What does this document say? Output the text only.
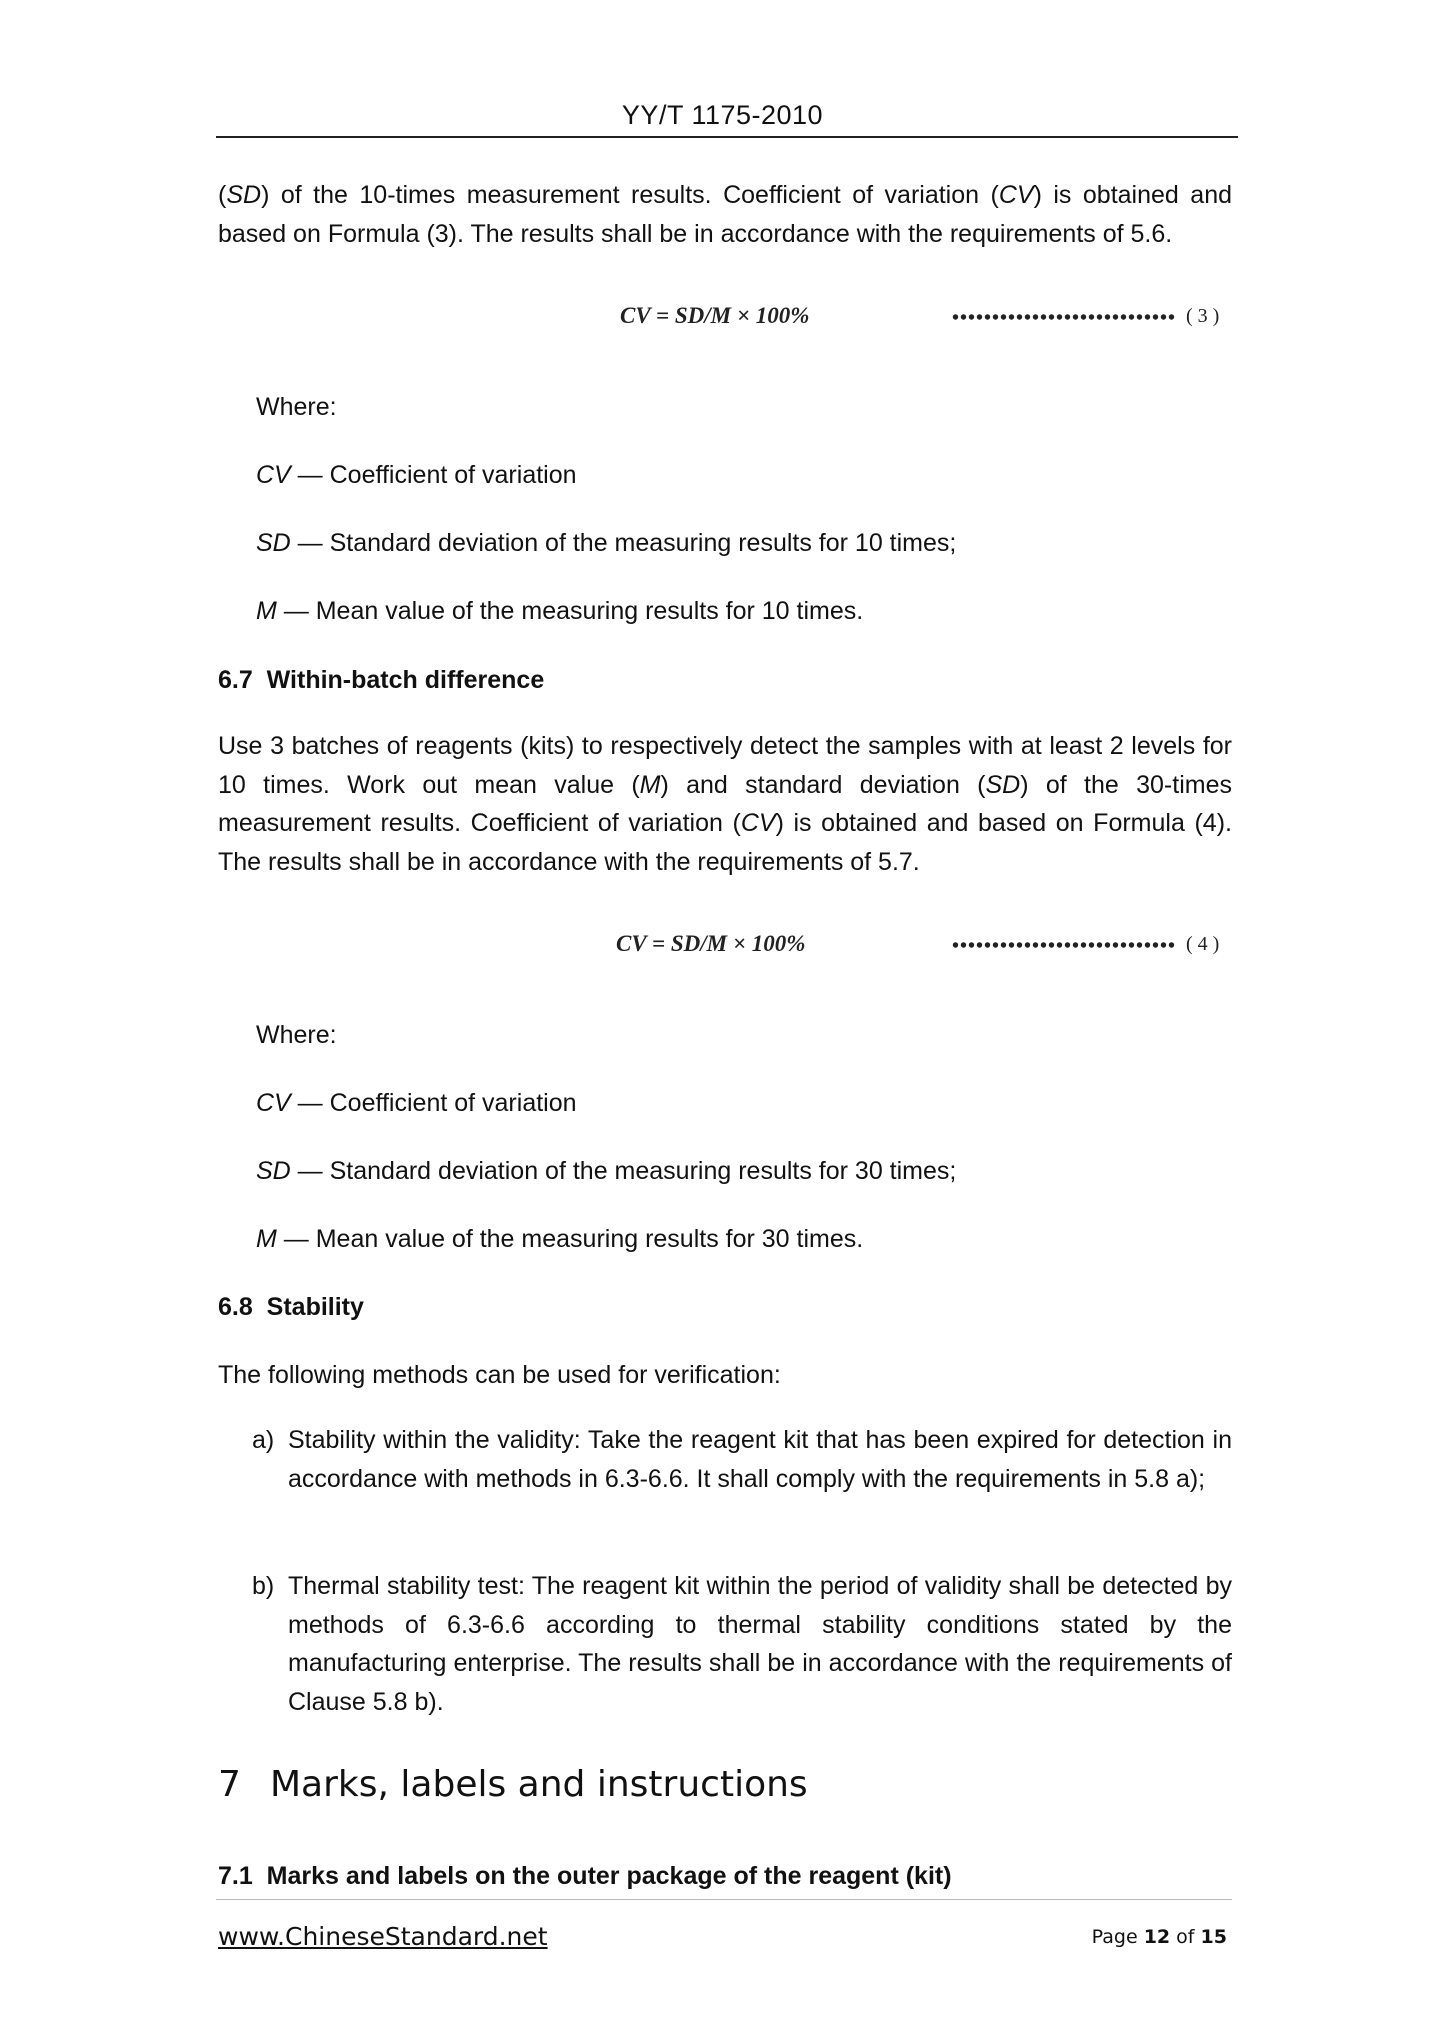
YY/T 1175-2010
(SD) of the 10-times measurement results. Coefficient of variation (CV) is obtained and based on Formula (3). The results shall be in accordance with the requirements of 5.6.
CV = SD/M × 100%	•••••••••••••••••••••••••••• ( 3 )
Where:
CV — Coefficient of variation
SD — Standard deviation of the measuring results for 10 times;
M — Mean value of the measuring results for 10 times.
6.7 Within-batch difference
Use 3 batches of reagents (kits) to respectively detect the samples with at least 2 levels for 10 times. Work out mean value (M) and standard deviation (SD) of the 30-times measurement results. Coefficient of variation (CV) is obtained and based on Formula (4). The results shall be in accordance with the requirements of 5.7.
CV = SD/M × 100%	•••••••••••••••••••••••••••• ( 4 )
Where:
CV — Coefficient of variation
SD — Standard deviation of the measuring results for 30 times;
M — Mean value of the measuring results for 30 times.
6.8 Stability
The following methods can be used for verification:
a) Stability within the validity: Take the reagent kit that has been expired for detection in accordance with methods in 6.3-6.6. It shall comply with the requirements in 5.8 a);
b) Thermal stability test: The reagent kit within the period of validity shall be detected by methods of 6.3-6.6 according to thermal stability conditions stated by the manufacturing enterprise. The results shall be in accordance with the requirements of Clause 5.8 b).
7 Marks, labels and instructions
7.1 Marks and labels on the outer package of the reagent (kit)
www.ChineseStandard.net	Page 12 of 15
